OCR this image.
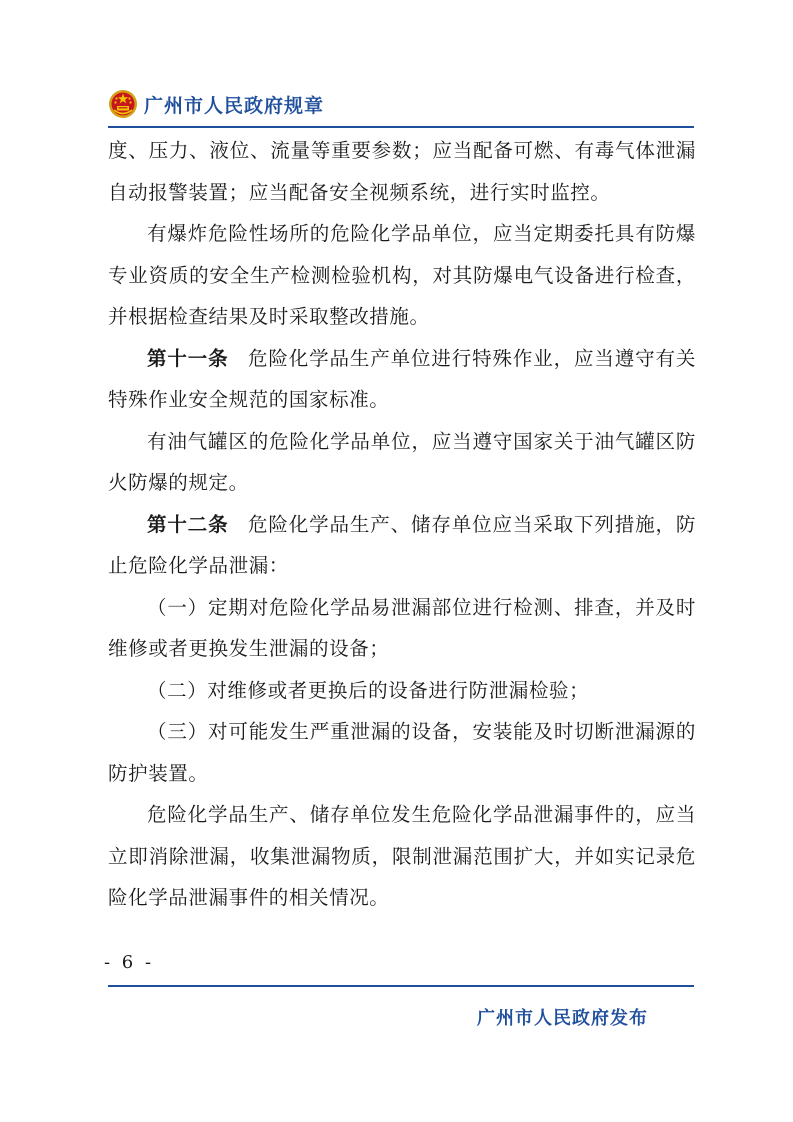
广州市人民政府规章

度、压力、液位、流量等重要参数；应当配备可燃、有毒气体泄漏自动报警装置；应当配备安全视频系统，进行实时监控。

有爆炸危险性场所的危险化学品单位，应当定期委托具有防爆专业资质的安全生产检测检验机构，对其防爆电气设备进行检查，并根据检查结果及时采取整改措施。

第十一条 危险化学品生产单位进行特殊作业，应当遵守有关特殊作业安全规范的国家标准。

有油气罐区的危险化学品单位，应当遵守国家关于油气罐区防火防爆的规定。

第十二条 危险化学品生产、储存单位应当采取下列措施，防止危险化学品泄漏：

（一）定期对危险化学品易泄漏部位进行检测、排查，并及时维修或者更换发生泄漏的设备；

（二）对维修或者更换后的设备进行防泄漏检验；

（三）对可能发生严重泄漏的设备，安装能及时切断泄漏源的防护装置。

危险化学品生产、储存单位发生危险化学品泄漏事件的，应当立即消除泄漏，收集泄漏物质，限制泄漏范围扩大，并如实记录危险化学品泄漏事件的相关情况。

- 6 -
广州市人民政府发布
